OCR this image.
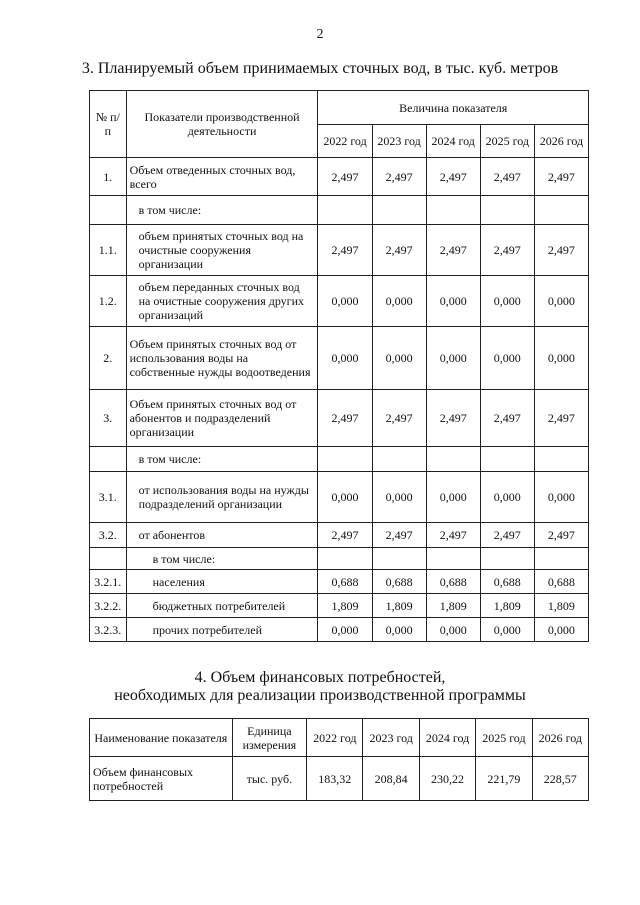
2
3. Планируемый объем принимаемых сточных вод, в тыс. куб. метров
№ п/п	Показатели производственной деятельности	Величина показателя				
		2022 год	2023 год	2024 год	2025 год	2026 год
1.	Объем отведенных сточных вод, всего	2,497	2,497	2,497	2,497	2,497
	в том числе:					
1.1.	объем принятых сточных вод на очистные сооружения организации	2,497	2,497	2,497	2,497	2,497
1.2.	объем переданных сточных вод на очистные сооружения других организаций	0,000	0,000	0,000	0,000	0,000
2.	Объем принятых сточных вод от использования воды на собственные нужды водоотведения	0,000	0,000	0,000	0,000	0,000
3.	Объем принятых сточных вод от абонентов и подразделений организации	2,497	2,497	2,497	2,497	2,497
	в том числе:					
3.1.	от использования воды на нужды подразделений организации	0,000	0,000	0,000	0,000	0,000
3.2.	от абонентов	2,497	2,497	2,497	2,497	2,497
	в том числе:					
3.2.1.	населения	0,688	0,688	0,688	0,688	0,688
3.2.2.	бюджетных потребителей	1,809	1,809	1,809	1,809	1,809
3.2.3.	прочих потребителей	0,000	0,000	0,000	0,000	0,000
4. Объем финансовых потребностей,
необходимых для реализации производственной программы
Наименование показателя	Единица измерения	2022 год	2023 год	2024 год	2025 год	2026 год
Объем финансовых потребностей	тыс. руб.	183,32	208,84	230,22	221,79	228,57
